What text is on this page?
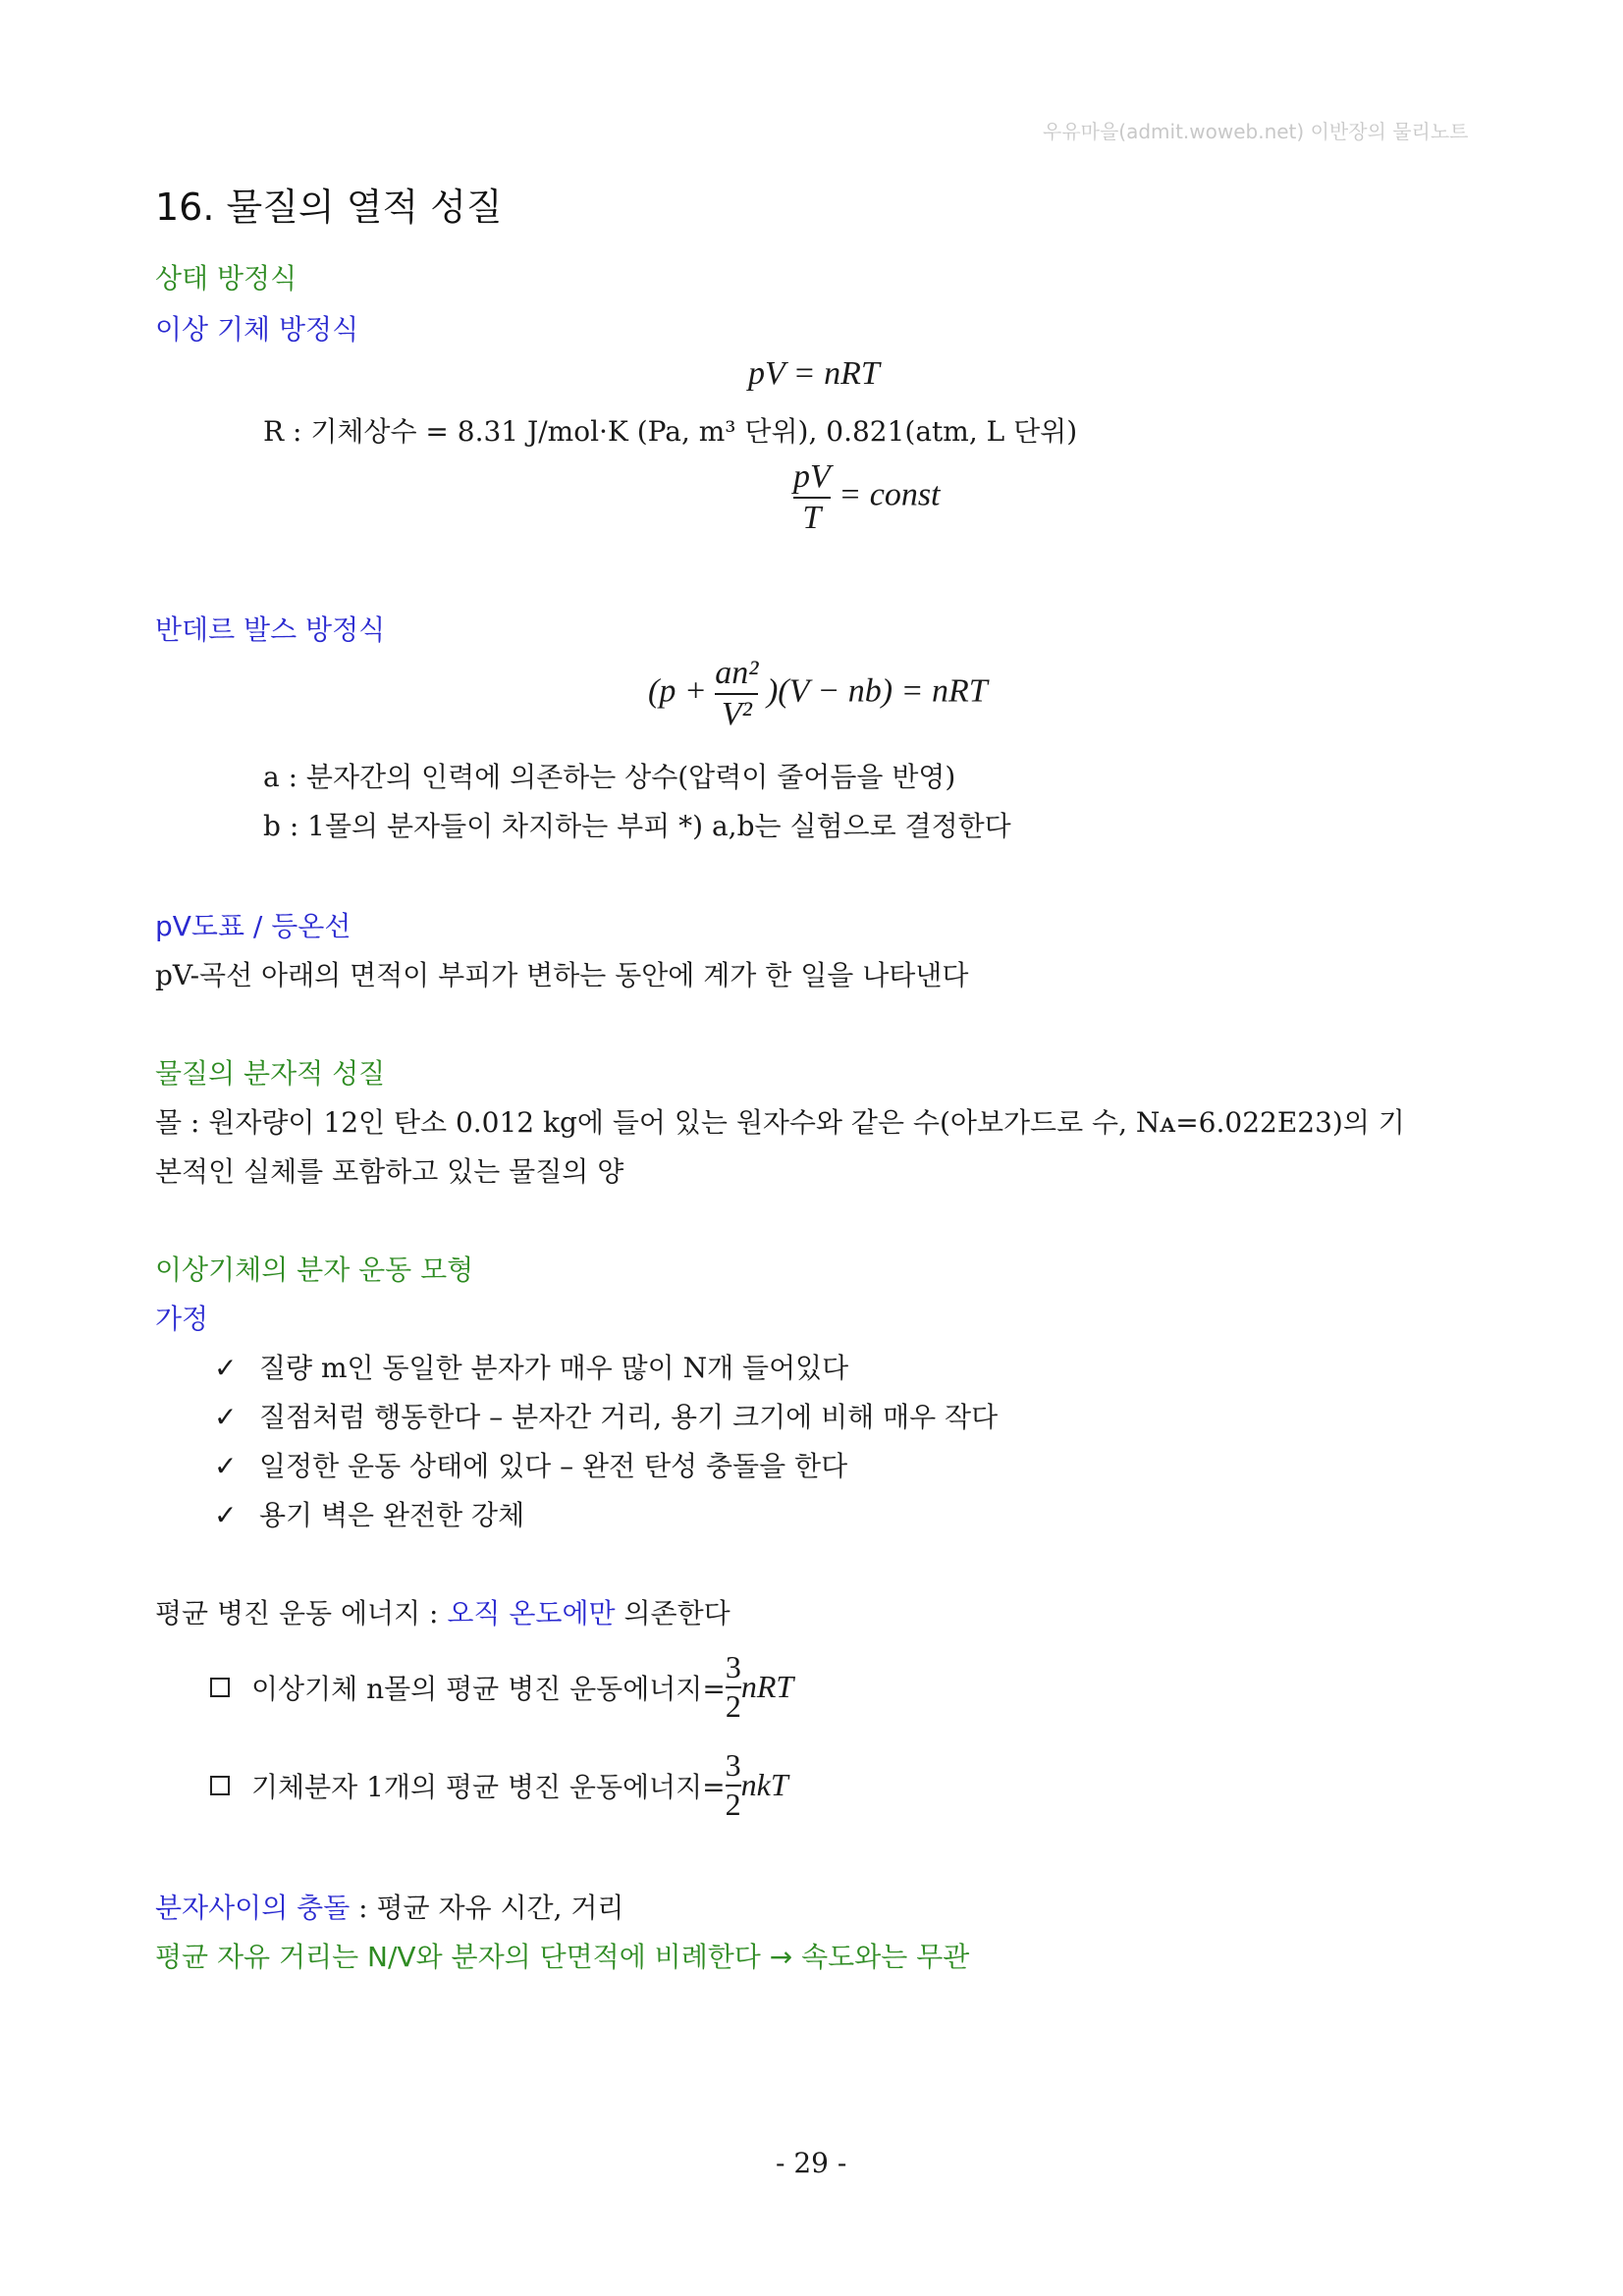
우유마을(admit.woweb.net) 이반장의 물리노트
16. 물질의 열적 성질
상태 방정식
이상 기체 방정식
pV = nRT
R : 기체상수 = 8.31 J/mol·K (Pa, m³ 단위), 0.821(atm, L 단위)
$\frac{pV}{T}$ = const
반데르 발스 방정식
$(p + \frac{\text{an²}}{\text{V²}} )(V - nb)$ = nRT
a : 분자간의 인력에 의존하는 상수(압력이 줄어듬을 반영)
b : 1몰의 분자들이 차지하는 부피 *) a,b는 실험으로 결정한다
pV도표 / 등온선
pV-곡선 아래의 면적이 부피가 변하는 동안에 계가 한 일을 나타낸다
물질의 분자적 성질
몰 : 원자량이 12인 탄소 0.012 kg에 들어 있는 원자수와 같은 수(아보가드로 수, Nᴀ=6.022E23)의 기
본적인 실체를 포함하고 있는 물질의 양
이상기체의 분자 운동 모형
가정
✓ 질량 m인 동일한 분자가 매우 많이 N개 들어있다
✓ 질점처럼 행동한다 – 분자간 거리, 용기 크기에 비해 매우 작다
✓ 일정한 운동 상태에 있다 – 완전 탄성 충돌을 한다
✓ 용기 벽은 완전한 강체
평균 병진 운동 에너지 : 오직 온도에만 의존한다
이상기체 n몰의 평균 병진 운동에너지= $\frac{3}{2}$ nRT
기체분자 1개의 평균 병진 운동에너지= $\frac{3}{2}$ nkT
분자사이의 충돌 : 평균 자유 시간, 거리
평균 자유 거리는 N/V와 분자의 단면적에 비례한다 → 속도와는 무관
- 29 -
